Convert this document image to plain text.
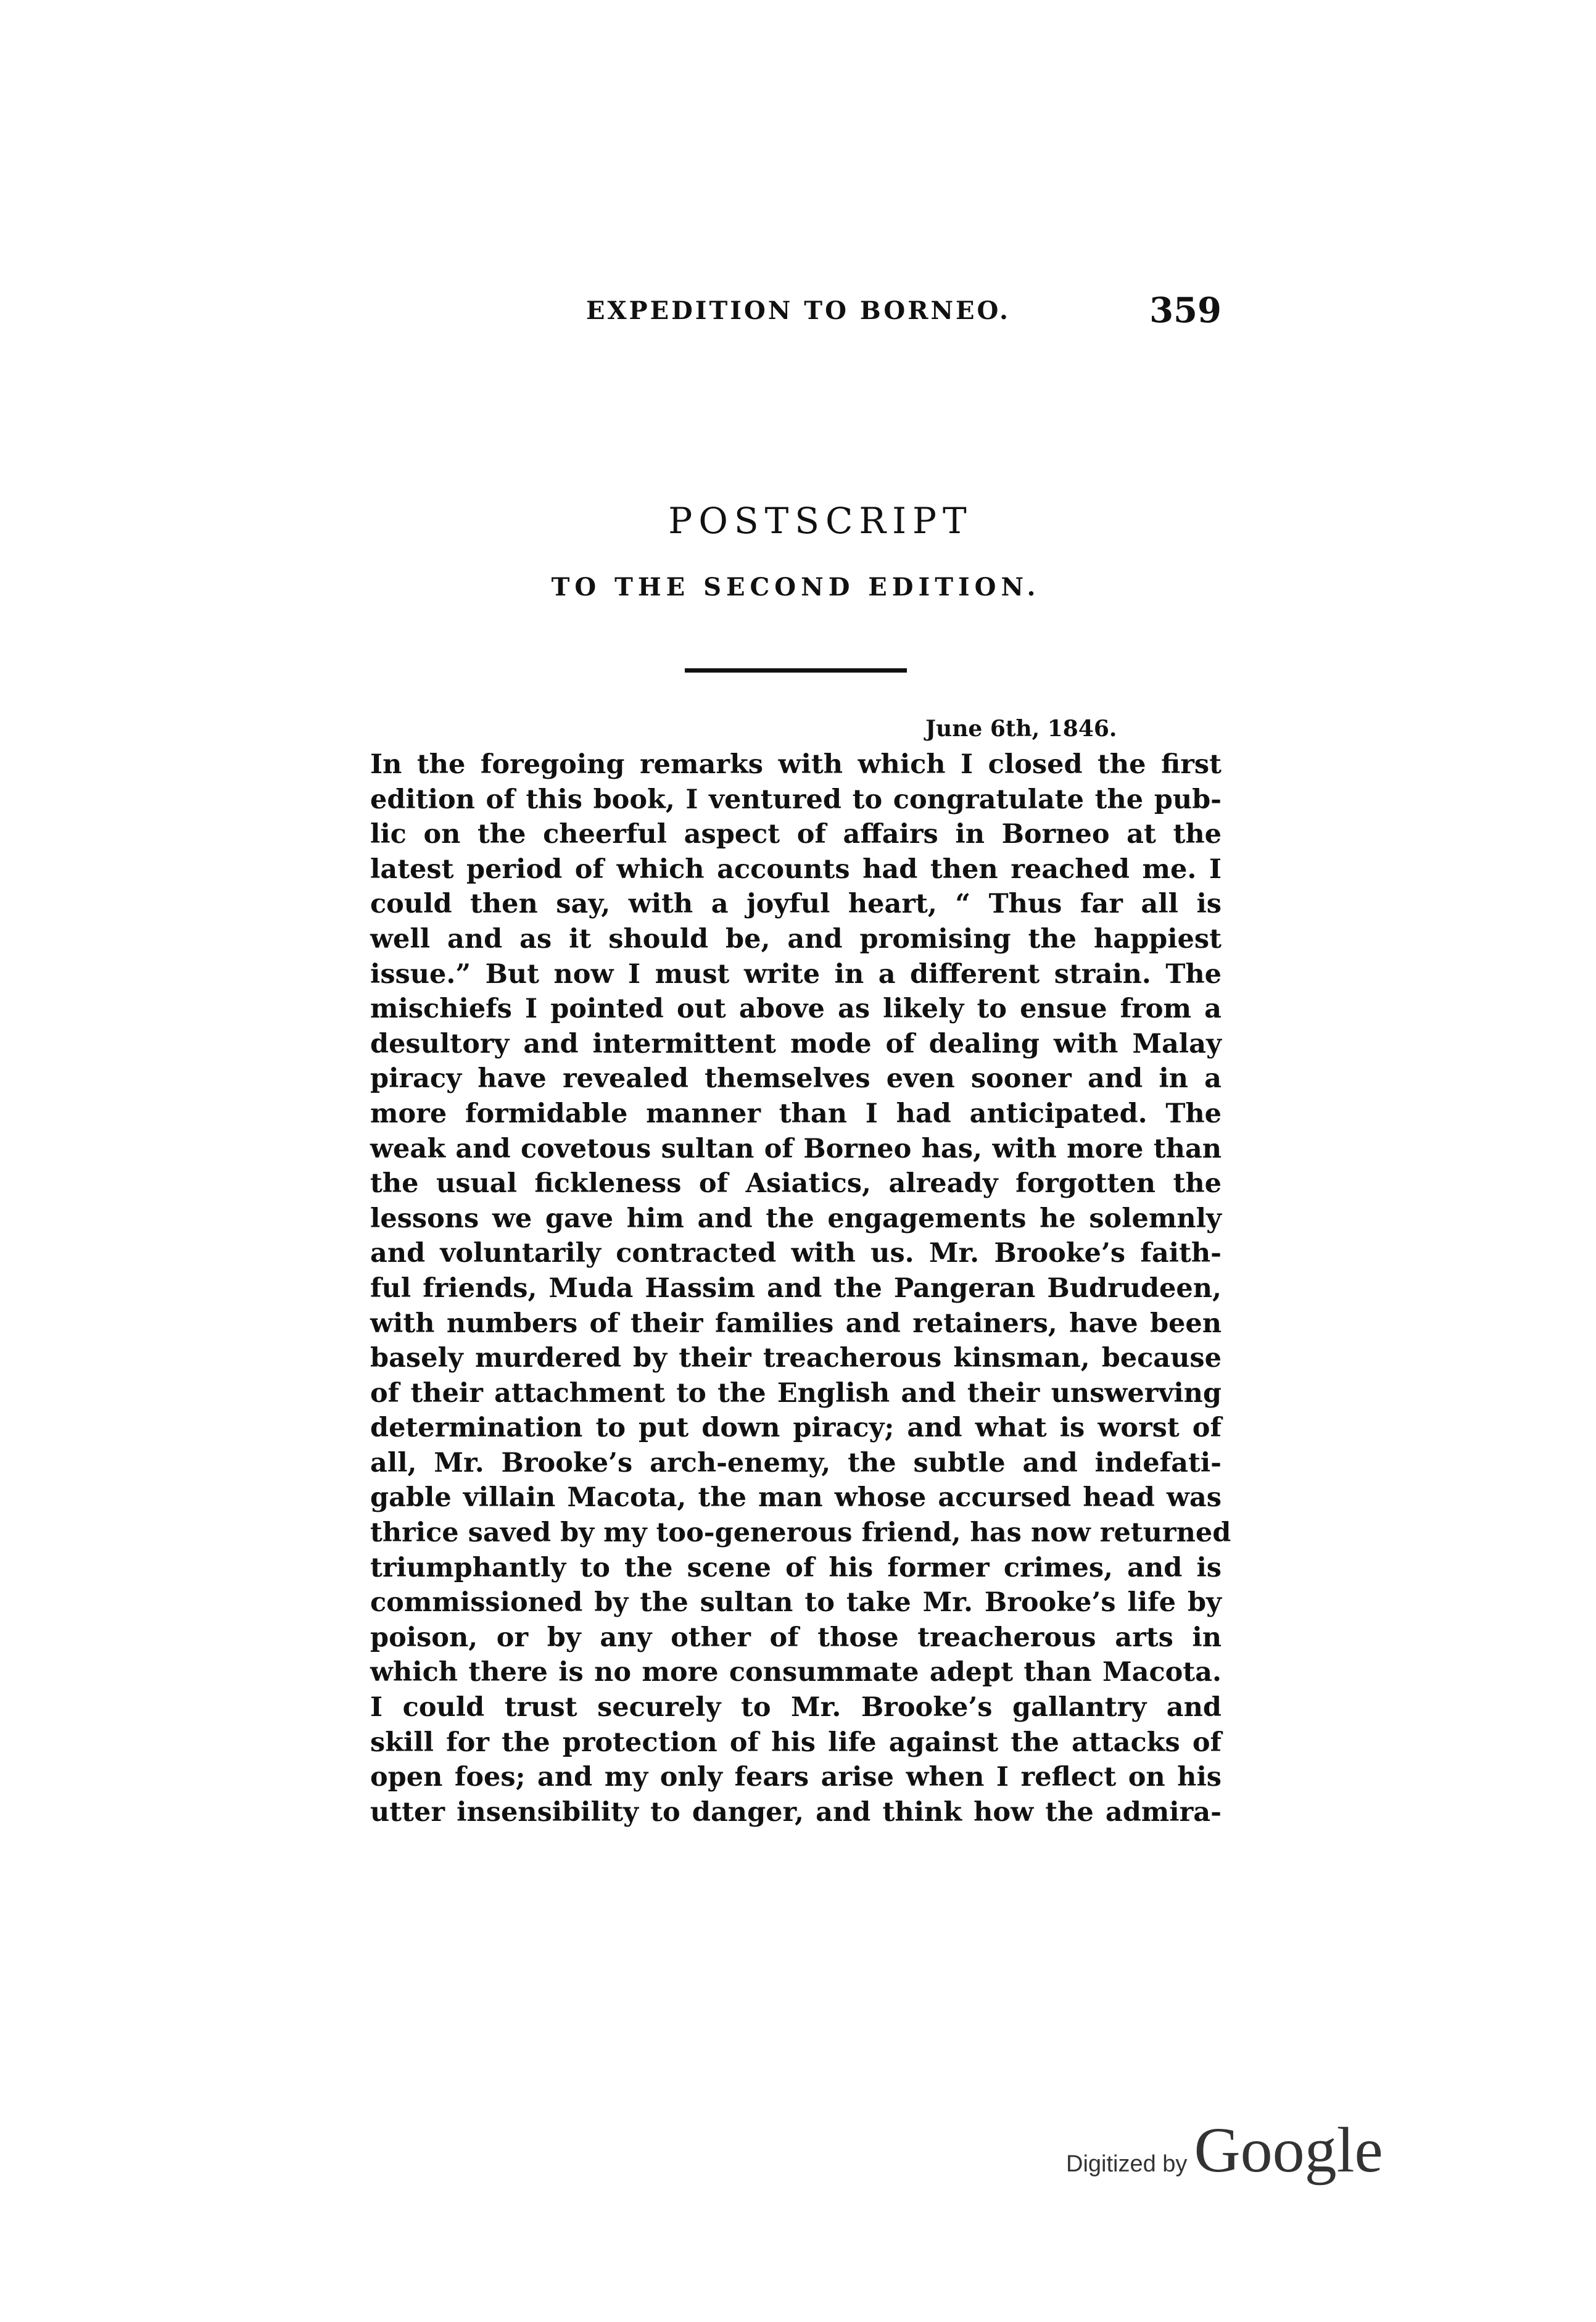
EXPEDITION TO BORNEO.	359
POSTSCRIPT
TO THE SECOND EDITION.
June 6th, 1846.
In the foregoing remarks with which I closed the first
edition of this book, I ventured to congratulate the pub-
lic on the cheerful aspect of affairs in Borneo at the
latest period of which accounts had then reached me. I
could then say, with a joyful heart, “ Thus far all is
well and as it should be, and promising the happiest
issue.” But now I must write in a different strain. The
mischiefs I pointed out above as likely to ensue from a
desultory and intermittent mode of dealing with Malay
piracy have revealed themselves even sooner and in a
more formidable manner than I had anticipated. The
weak and covetous sultan of Borneo has, with more than
the usual fickleness of Asiatics, already forgotten the
lessons we gave him and the engagements he solemnly
and voluntarily contracted with us. Mr. Brooke’s faith-
ful friends, Muda Hassim and the Pangeran Budrudeen,
with numbers of their families and retainers, have been
basely murdered by their treacherous kinsman, because
of their attachment to the English and their unswerving
determination to put down piracy; and what is worst of
all, Mr. Brooke’s arch-enemy, the subtle and indefati-
gable villain Macota, the man whose accursed head was
thrice saved by my too-generous friend, has now returned
triumphantly to the scene of his former crimes, and is
commissioned by the sultan to take Mr. Brooke’s life by
poison, or by any other of those treacherous arts in
which there is no more consummate adept than Macota.
I could trust securely to Mr. Brooke’s gallantry and
skill for the protection of his life against the attacks of
open foes; and my only fears arise when I reflect on his
utter insensibility to danger, and think how the admira-
Digitized by Google
